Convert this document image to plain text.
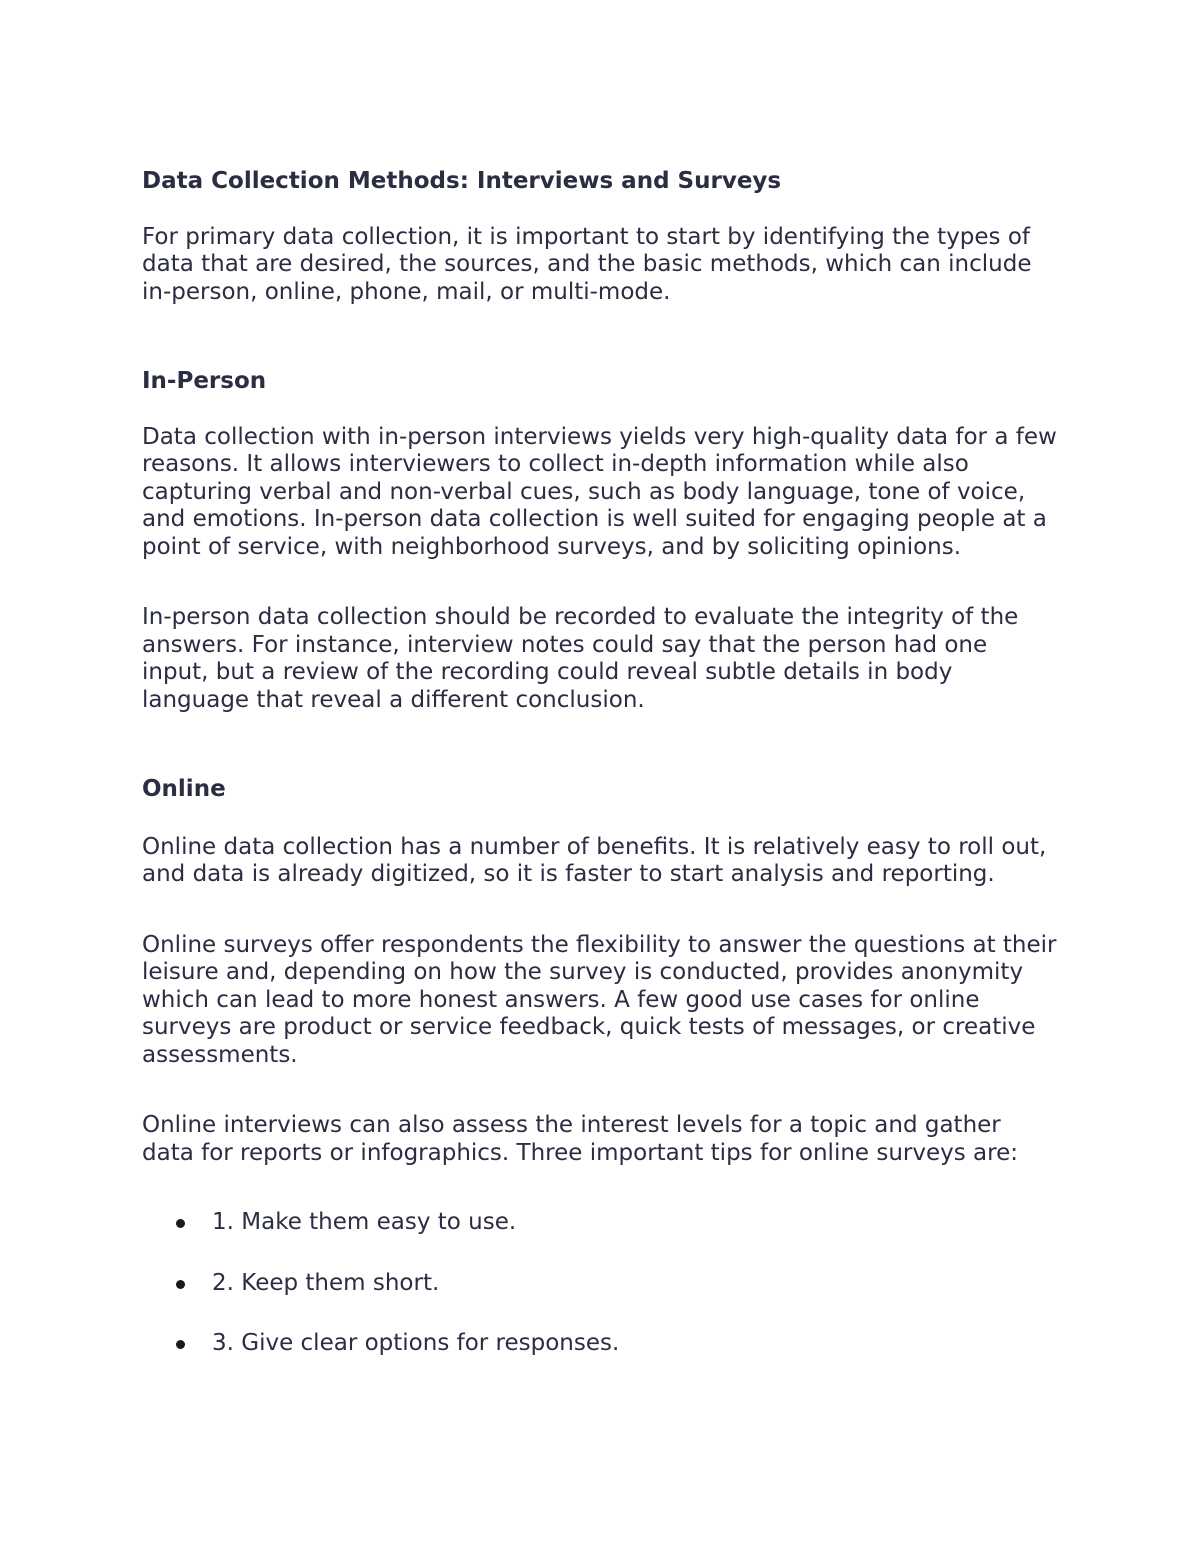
Data Collection Methods: Interviews and Surveys

For primary data collection, it is important to start by identifying the types of data that are desired, the sources, and the basic methods, which can include in-person, online, phone, mail, or multi-mode.

In-Person

Data collection with in-person interviews yields very high-quality data for a few reasons. It allows interviewers to collect in-depth information while also capturing verbal and non-verbal cues, such as body language, tone of voice, and emotions. In-person data collection is well suited for engaging people at a point of service, with neighborhood surveys, and by soliciting opinions.

In-person data collection should be recorded to evaluate the integrity of the answers. For instance, interview notes could say that the person had one input, but a review of the recording could reveal subtle details in body language that reveal a different conclusion.

Online

Online data collection has a number of benefits. It is relatively easy to roll out, and data is already digitized, so it is faster to start analysis and reporting.

Online surveys offer respondents the flexibility to answer the questions at their leisure and, depending on how the survey is conducted, provides anonymity which can lead to more honest answers. A few good use cases for online surveys are product or service feedback, quick tests of messages, or creative assessments.

Online interviews can also assess the interest levels for a topic and gather data for reports or infographics. Three important tips for online surveys are:

1. Make them easy to use.
2. Keep them short.
3. Give clear options for responses.
